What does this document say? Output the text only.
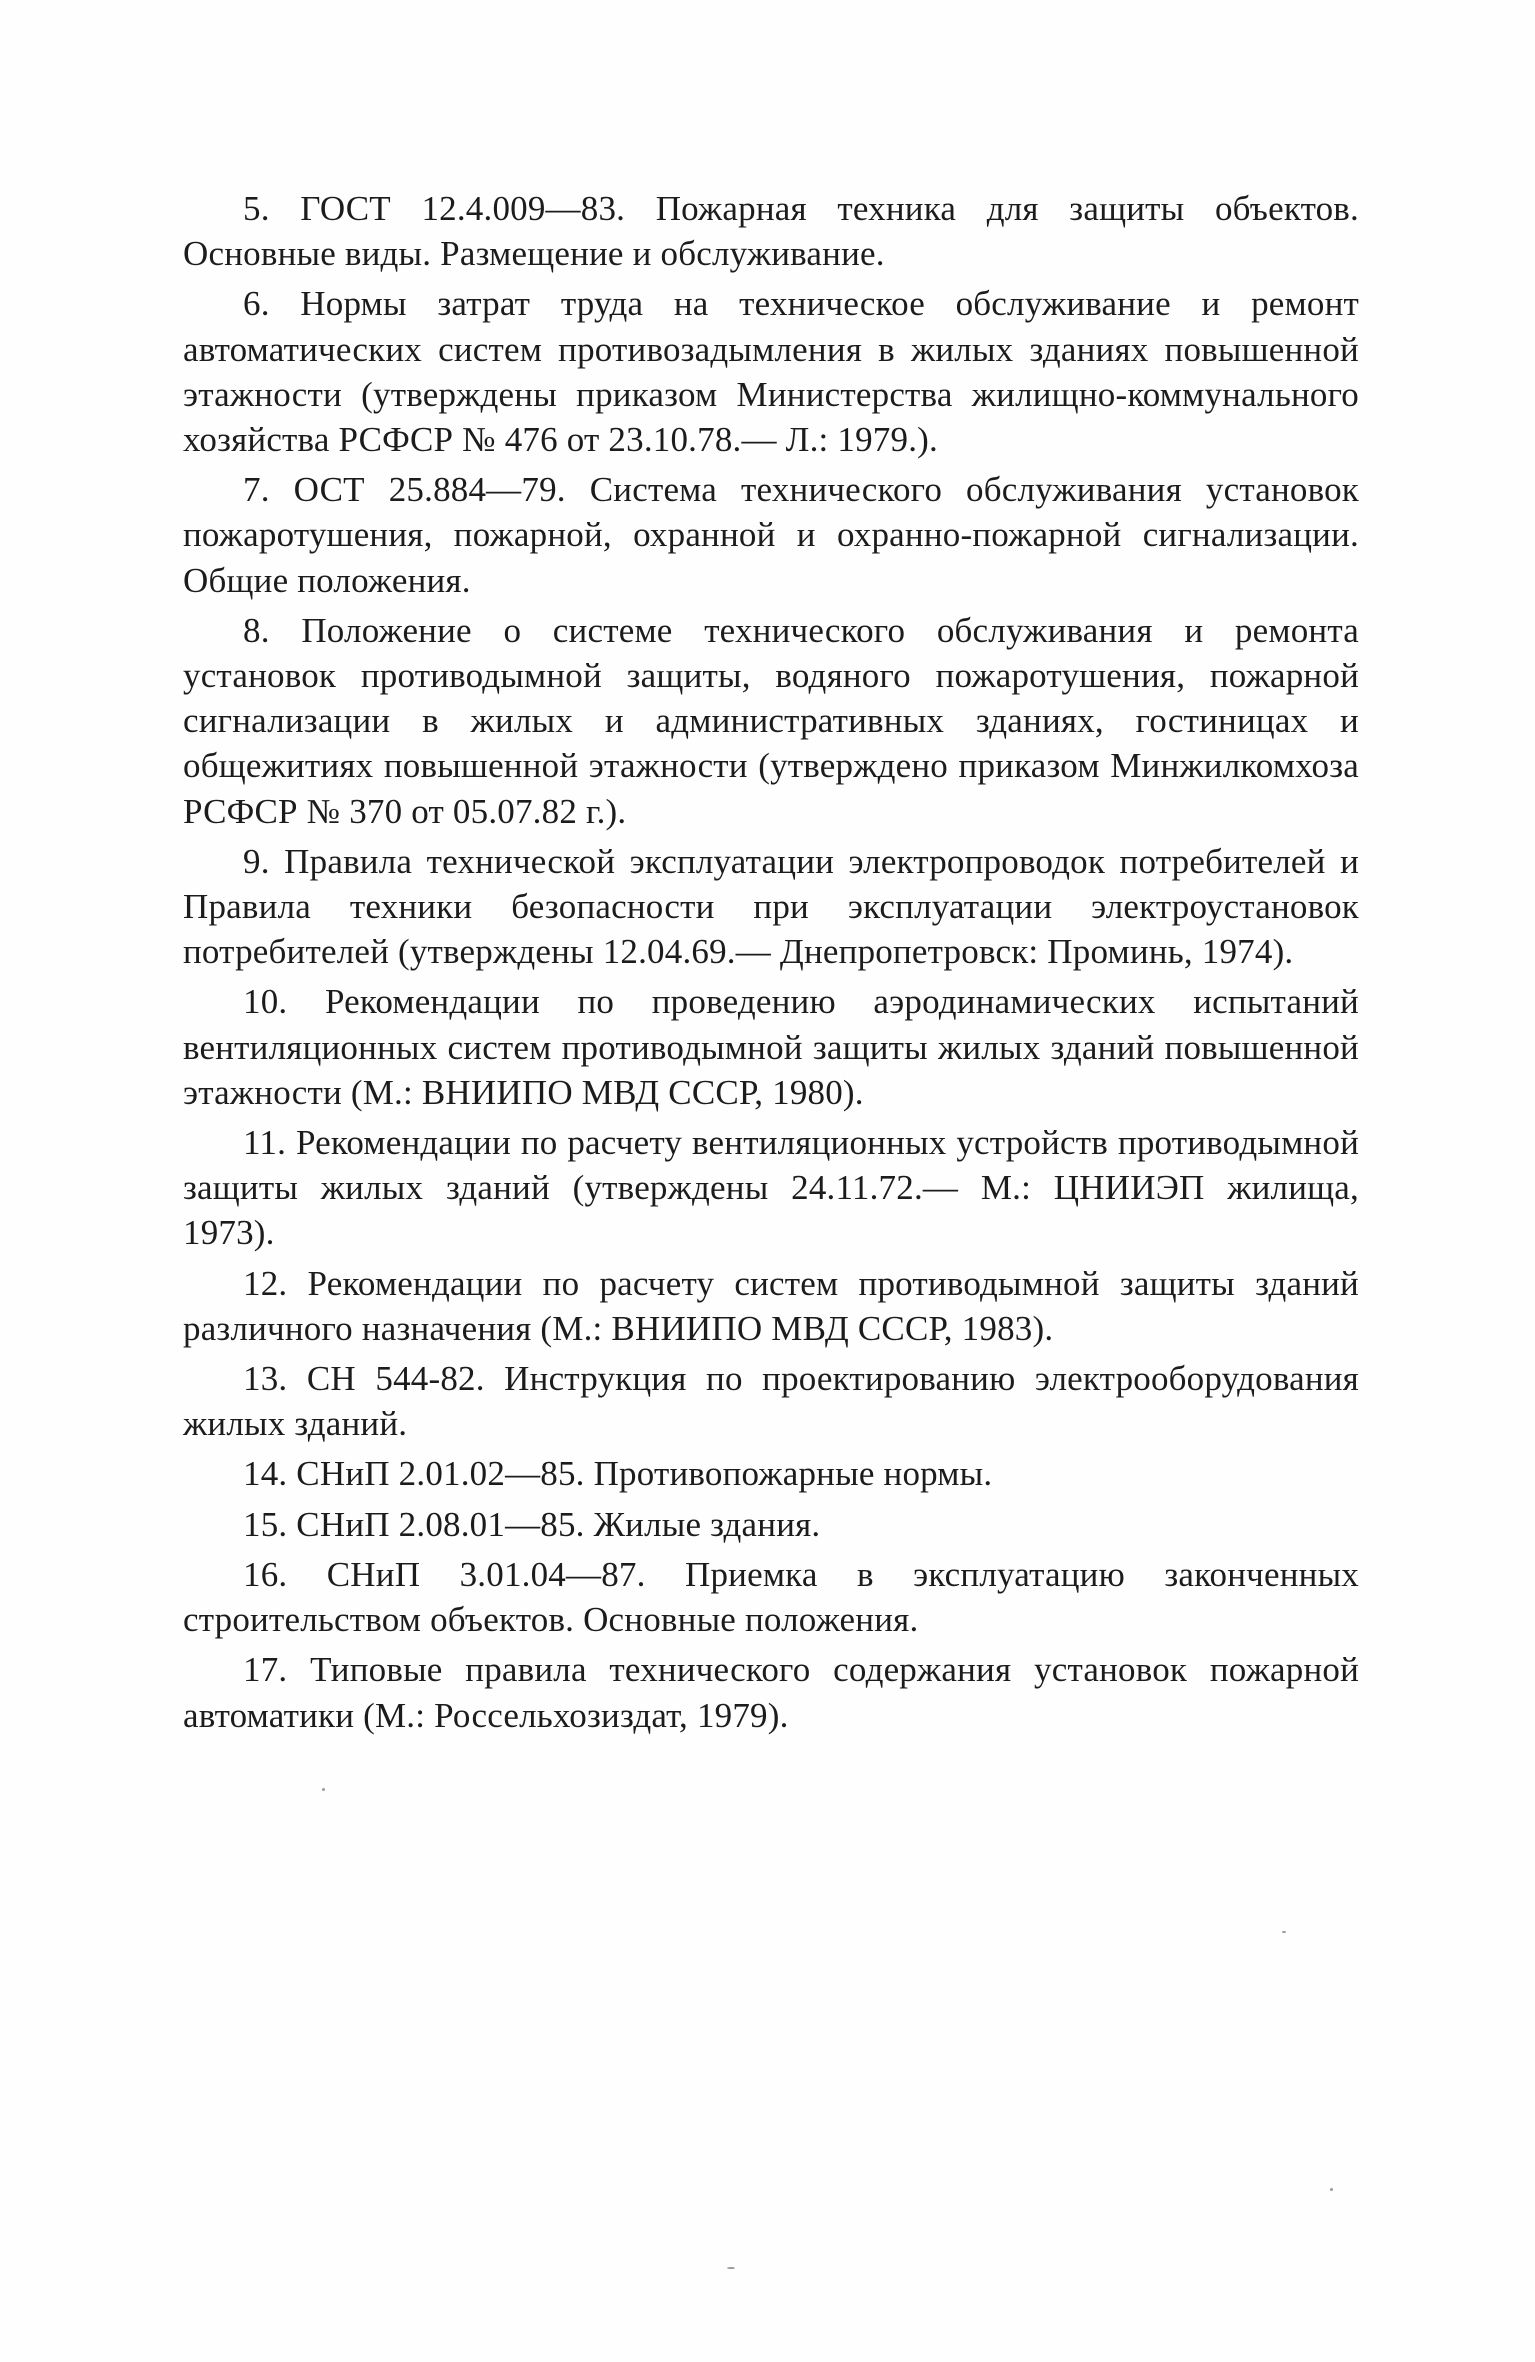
5. ГОСТ 12.4.009—83. Пожарная техника для защиты объектов. Основные виды. Размещение и обслуживание.

6. Нормы затрат труда на техническое обслуживание и ремонт автоматических систем противозадымления в жилых зданиях повышенной этажности (утверждены приказом Министерства жилищно-коммунального хозяйства РСФСР № 476 от 23.10.78.— Л.: 1979.).

7. ОСТ 25.884—79. Система технического обслуживания установок пожаротушения, пожарной, охранной и охранно-пожарной сигнализации. Общие положения.

8. Положение о системе технического обслуживания и ремонта установок противодымной защиты, водяного пожаротушения, пожарной сигнализации в жилых и административных зданиях, гостиницах и общежитиях повышенной этажности (утверждено приказом Минжилкомхоза РСФСР № 370 от 05.07.82 г.).

9. Правила технической эксплуатации электропроводок потребителей и Правила техники безопасности при эксплуатации электроустановок потребителей (утверждены 12.04.69.— Днепропетровск: Проминь, 1974).

10. Рекомендации по проведению аэродинамических испытаний вентиляционных систем противодымной защиты жилых зданий повышенной этажности (М.: ВНИИПО МВД СССР, 1980).

11. Рекомендации по расчету вентиляционных устройств противодымной защиты жилых зданий (утверждены 24.11.72.— М.: ЦНИИЭП жилища, 1973).

12. Рекомендации по расчету систем противодымной защиты зданий различного назначения (М.: ВНИИПО МВД СССР, 1983).

13. СН 544-82. Инструкция по проектированию электрооборудования жилых зданий.

14. СНиП 2.01.02—85. Противопожарные нормы.

15. СНиП 2.08.01—85. Жилые здания.

16. СНиП 3.01.04—87. Приемка в эксплуатацию законченных строительством объектов. Основные положения.

17. Типовые правила технического содержания установок пожарной автоматики (М.: Россельхозиздат, 1979).
